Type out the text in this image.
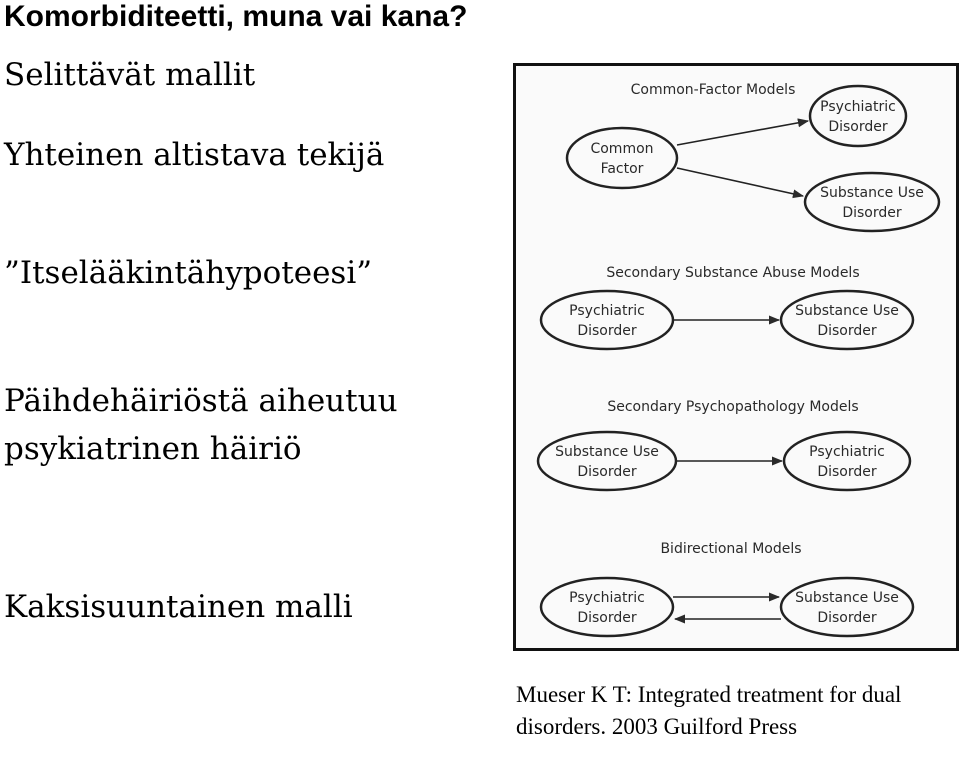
Komorbiditeetti, muna vai kana?
Selittävät mallit
Yhteinen altistava tekijä
”Itselääkintähypoteesi”
Päihdehäiriöstä aiheutuu psykiatrinen häiriö
Kaksisuuntainen malli
Mueser K T: Integrated treatment for dual disorders. 2003 Guilford Press
Common-Factor Models
Common
Factor
Psychiatric
Disorder
Substance Use
Disorder
Secondary Substance Abuse Models
Psychiatric
Disorder
Substance Use
Disorder
Secondary Psychopathology Models
Substance Use
Disorder
Psychiatric
Disorder
Bidirectional Models
Psychiatric
Disorder
Substance Use
Disorder
